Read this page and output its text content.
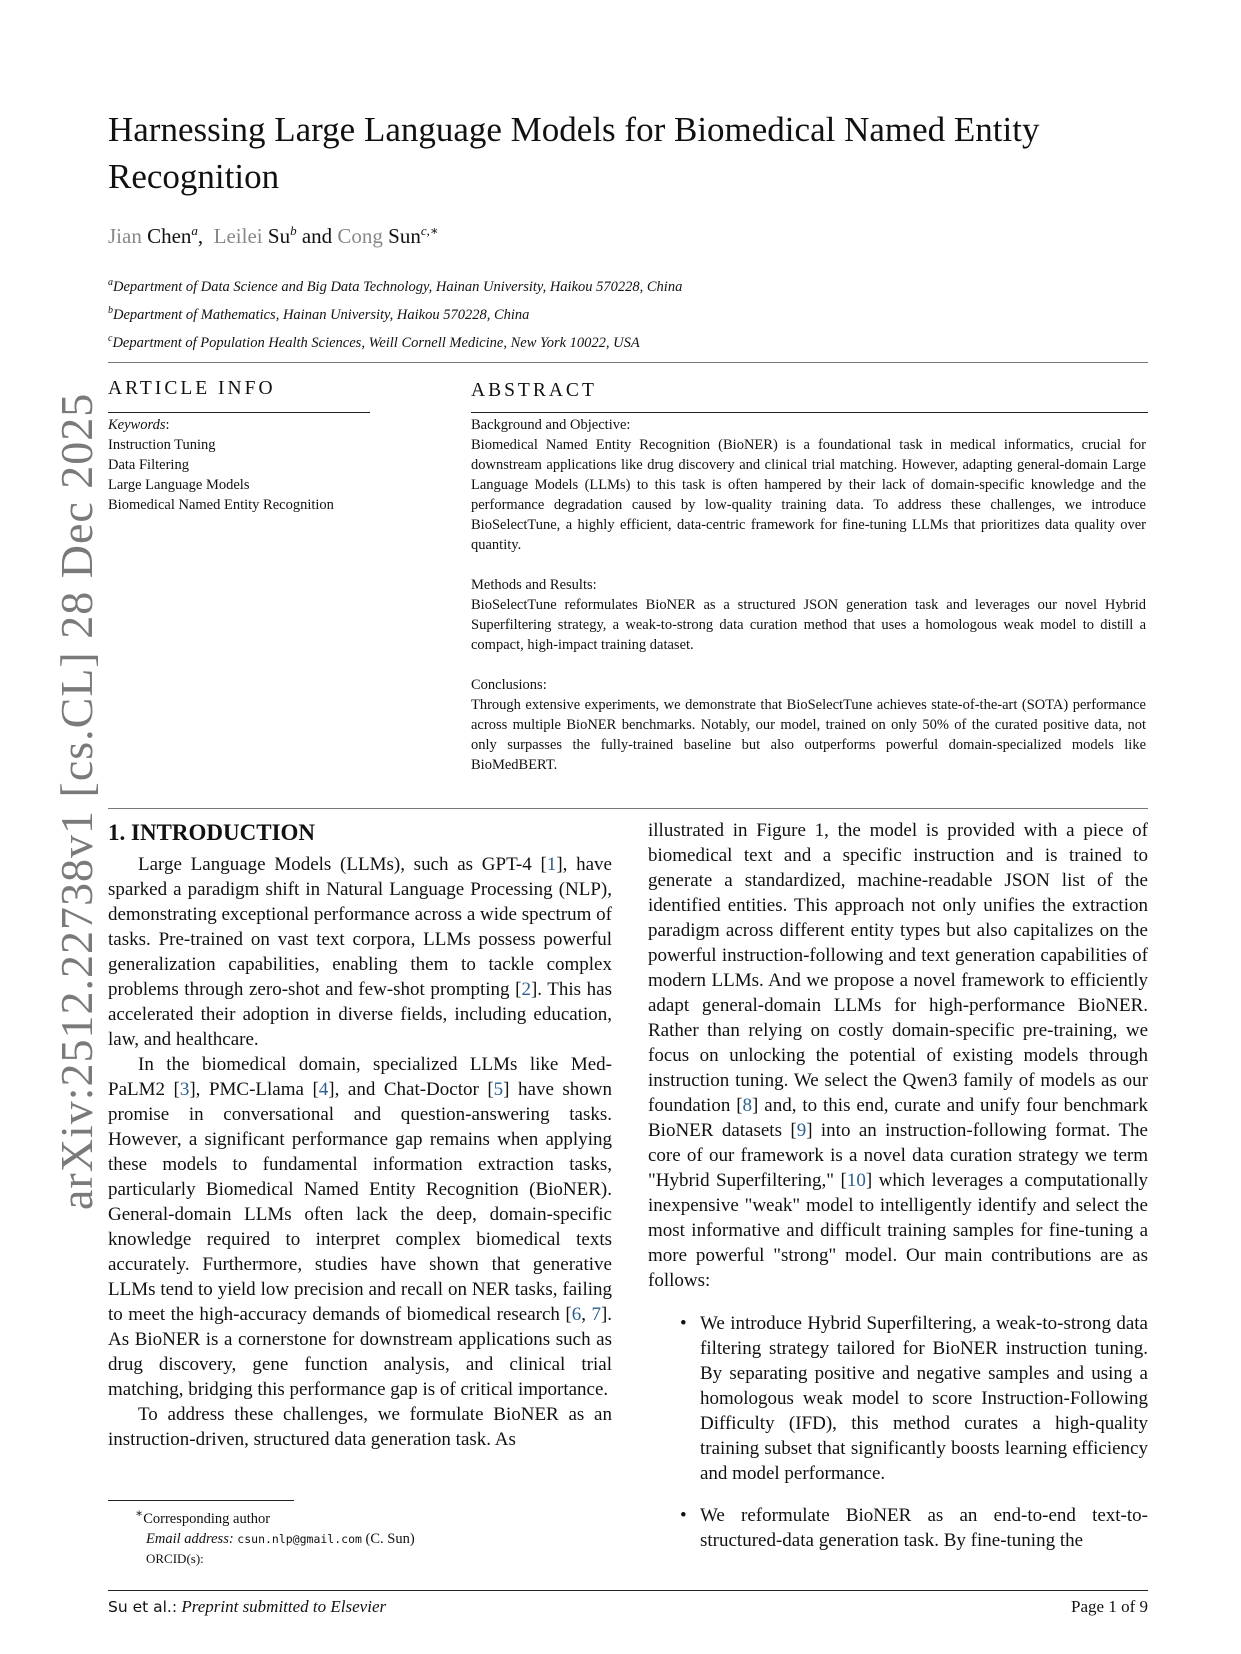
arXiv:2512.22738v1 [cs.CL] 28 Dec 2025
Harnessing Large Language Models for Biomedical Named Entity Recognition
Jian Chen$^a$,  Leilei Su$^b$ and Cong Sun$^{c,∗}$
$^a$Department of Data Science and Big Data Technology, Hainan University, Haikou 570228, China
$^b$Department of Mathematics, Hainan University, Haikou 570228, China
$^c$Department of Population Health Sciences, Weill Cornell Medicine, New York 10022, USA
ARTICLE INFO
Keywords:
Instruction Tuning
Data Filtering
Large Language Models
Biomedical Named Entity Recognition
ABSTRACT

Background and Objective:

Biomedical Named Entity Recognition (BioNER) is a foundational task in medical informatics, crucial for downstream applications like drug discovery and clinical trial matching. However, adapting general-domain Large Language Models (LLMs) to this task is often hampered by their lack of domain-specific knowledge and the performance degradation caused by low-quality training data. To address these challenges, we introduce BioSelectTune, a highly efficient, data-centric framework for fine-tuning LLMs that prioritizes data quality over quantity.

Methods and Results:

BioSelectTune reformulates BioNER as a structured JSON generation task and leverages our novel Hybrid Superfiltering strategy, a weak-to-strong data curation method that uses a homologous weak model to distill a compact, high-impact training dataset.

Conclusions:

Through extensive experiments, we demonstrate that BioSelectTune achieves state-of-the-art (SOTA) performance across multiple BioNER benchmarks. Notably, our model, trained on only 50% of the curated positive data, not only surpasses the fully-trained baseline but also outperforms powerful domain-specialized models like BioMedBERT.

1. INTRODUCTION

Large Language Models (LLMs), such as GPT-4 [1], have sparked a paradigm shift in Natural Language Processing (NLP), demonstrating exceptional performance across a wide spectrum of tasks. Pre-trained on vast text corpora, LLMs possess powerful generalization capabilities, enabling them to tackle complex problems through zero-shot and few-shot prompting [2]. This has accelerated their adoption in diverse fields, including education, law, and healthcare.

In the biomedical domain, specialized LLMs like Med-PaLM2 [3], PMC-Llama [4], and Chat-Doctor [5] have shown promise in conversational and question-answering tasks. However, a significant performance gap remains when applying these models to fundamental information extraction tasks, particularly Biomedical Named Entity Recognition (BioNER). General-domain LLMs often lack the deep, domain-specific knowledge required to interpret complex biomedical texts accurately. Furthermore, studies have shown that generative LLMs tend to yield low precision and recall on NER tasks, failing to meet the high-accuracy demands of biomedical research [6, 7]. As BioNER is a cornerstone for downstream applications such as drug discovery, gene function analysis, and clinical trial matching, bridging this performance gap is of critical importance.

To address these challenges, we formulate BioNER as an instruction-driven, structured data generation task. As

∗Corresponding author
Email address: csun.nlp@gmail.com (C. Sun)
ORCID(s):

illustrated in Figure 1, the model is provided with a piece of biomedical text and a specific instruction and is trained to generate a standardized, machine-readable JSON list of the identified entities. This approach not only unifies the extraction paradigm across different entity types but also capitalizes on the powerful instruction-following and text generation capabilities of modern LLMs. And we propose a novel framework to efficiently adapt general-domain LLMs for high-performance BioNER. Rather than relying on costly domain-specific pre-training, we focus on unlocking the potential of existing models through instruction tuning. We select the Qwen3 family of models as our foundation [8] and, to this end, curate and unify four benchmark BioNER datasets [9] into an instruction-following format. The core of our framework is a novel data curation strategy we term "Hybrid Superfiltering," [10] which leverages a computationally inexpensive "weak" model to intelligently identify and select the most informative and difficult training samples for fine-tuning a more powerful "strong" model. Our main contributions are as follows:

• We introduce Hybrid Superfiltering, a weak-to-strong data filtering strategy tailored for BioNER instruction tuning. By separating positive and negative samples and using a homologous weak model to score Instruction-Following Difficulty (IFD), this method curates a high-quality training subset that significantly boosts learning efficiency and model performance.
• We reformulate BioNER as an end-to-end text-to-structured-data generation task. By fine-tuning the
Su et al.: Preprint submitted to Elsevier	Page 1 of 9
